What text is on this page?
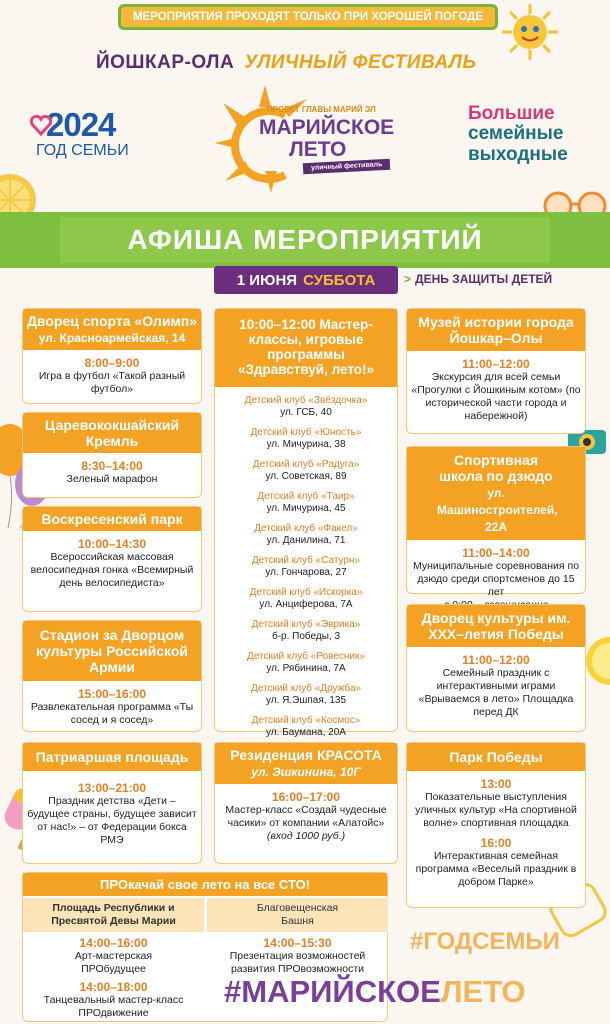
МЕРОПРИЯТИЯ ПРОХОДЯТ ТОЛЬКО ПРИ ХОРОШЕЙ ПОГОДЕ
ЙОШКАР-ОЛА УЛИЧНЫЙ ФЕСТИВАЛЬ
2024
ГОД СЕМЬИ
ПРОЕКТ ГЛАВЫ МАРИЙ ЭЛ
МАРИЙСКОЕ
ЛЕТО
уличный фестиваль
Большие
семейные
выходные
АФИША МЕРОПРИЯТИЙ
1 ИЮНЯ СУББОТА > ДЕНЬ ЗАЩИТЫ ДЕТЕЙ
Дворец спорта «Олимп»
ул. Красноармейская, 14
8:00–9:00
Игра в футбол «Такой разный футбол»
Царевококшайский Кремль
8:30–14:00
Зеленый марафон
Воскресенский парк
10:00–14:30
Всероссийская массовая велосипедная гонка «Всемирный день велосипедиста»
Стадион за Дворцом культуры Российской Армии
15:00–16:00
Развлекательная программа «Ты сосед и я сосед»
Патриаршая площадь
13:00–21:00
Праздник детства «Дети – будущее страны, будущее зависит от нас!» – от Федерации бокса РМЭ
10:00–12:00 Мастер-классы, игровые программы «Здравствуй, лето!»
Детский клуб «Звёздочка»
ул. ГСБ, 40
Детский клуб «Юность»
ул. Мичурина, 38
Детский клуб «Радуга»
ул. Советская, 89
Детский клуб «Таир»
ул. Мичурина, 45
Детский клуб «Факел»
ул. Данилина, 71
Детский клуб «Сатурн»
ул. Гончарова, 27
Детский клуб «Искорка»
ул. Анциферова, 7А
Детский клуб «Эврика»
б-р. Победы, 3
Детский клуб «Ровесник»
ул. Рябинина, 7А
Детский клуб «Дружба»
ул. Я.Эшпая, 135
Детский клуб «Космос»
ул. Баумана, 20А
Резиденция КРАСОТА
ул. Эшкинина, 10Г
16:00–17:00
Мастер-класс «Создай чудесные часики» от компании «Алатойс»
(вход 1000 руб.)
Музей истории города Йошкар–Олы
11:00–12:00
Экскурсия для всей семьи «Прогулки с Йошкиным котом» (по исторической части города и набережной)
Спортивная школа по дзюдо
ул. Машиностроителей, 22А
11:00–14:00
Муниципальные соревнования по дзюдо среди спортсменов до 15 лет
Дворец культуры им. XXX–летия Победы
11:00–12:00
Семейный праздник с интерактивными играми «Врываемся в лето» Площадка перед ДК
Парк Победы
13:00
Показательные выступления уличных культур «На спортивной волне» спортивная площадка
16:00
Интерактивная семейная программа «Веселый праздник в добром Парке»
ПРОкачай свое лето на все СТО!
Площадь Республики и
Пресвятой Девы Марии
14:00–16:00
Арт-мастерская ПРОбудущее
14:00–18:00
Танцевальный мастер-класс ПРОдвижение
Благовещенская
Башня
14:00–15:30
Презентация возможностей развития ПРОвозможности
#ГОДСЕМЬИ
#МАРИЙСКОЕЛЕТО
